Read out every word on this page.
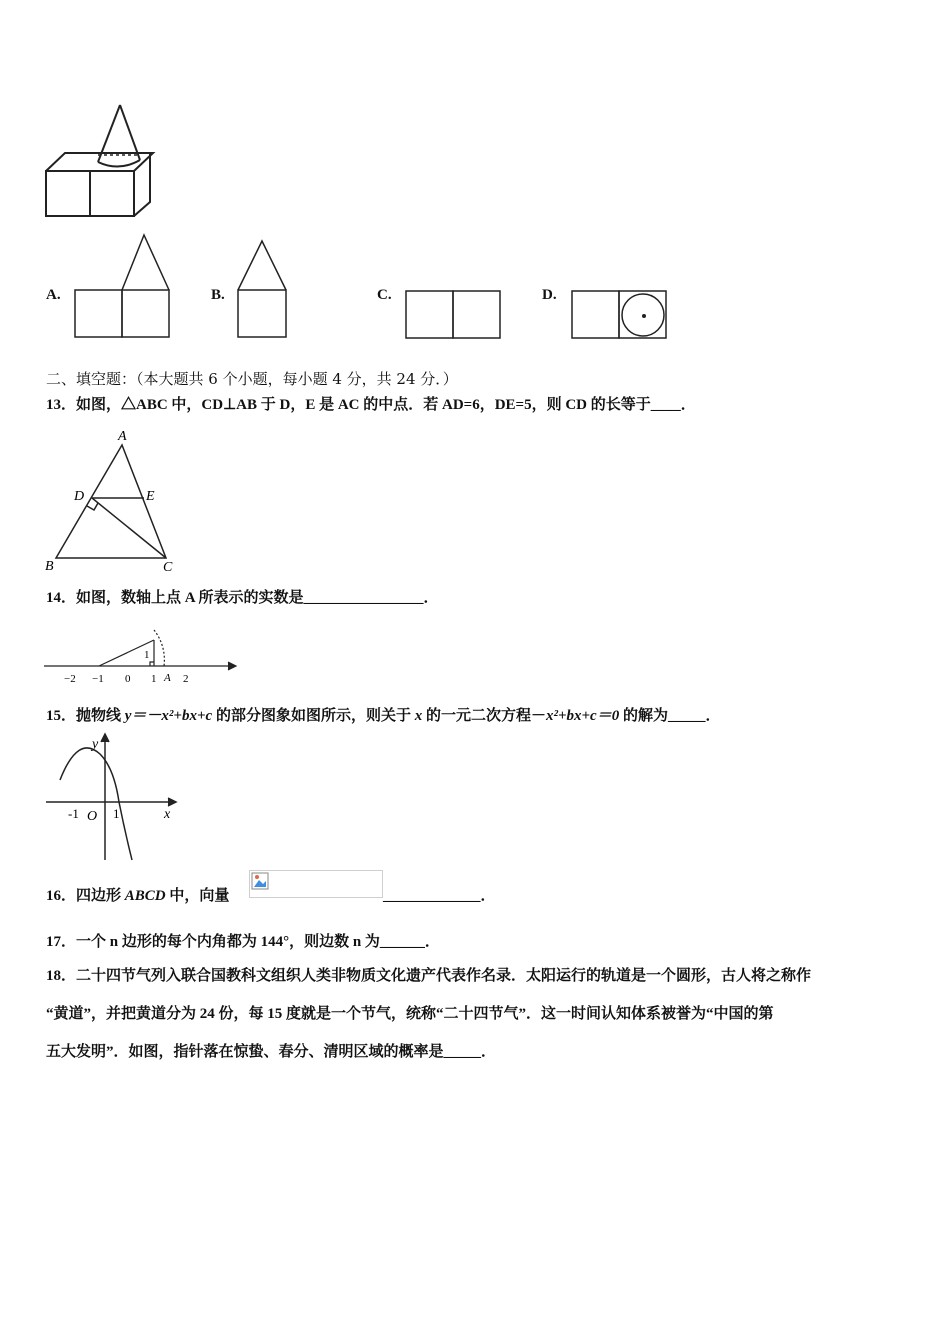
A.	B.	C.	D.
二、填空题：（本大题共 6 个小题，每小题 4 分，共 24 分．）
13．如图，△ABC 中，CD⊥AB 于 D，E 是 AC 的中点．若 AD=6，DE=5，则 CD 的长等于____．
A
D	E
B	C
14．如图，数轴上点 A 所表示的实数是________________．
1
−2 −1 0 1 A 2
15．抛物线 y＝－x²+bx+c 的部分图象如图所示，则关于 x 的一元二次方程－x²+bx+c＝0 的解为_____．
y
x
-1 O 1
16．四边形 ABCD 中，向量	_____________．
17．一个 n 边形的每个内角都为 144°，则边数 n 为______．
18．二十四节气列入联合国教科文组织人类非物质文化遗产代表作名录．太阳运行的轨道是一个圆形，古人将之称作
“黄道”，并把黄道分为 24 份，每 15 度就是一个节气，统称“二十四节气”．这一时间认知体系被誉为“中国的第
五大发明”．如图，指针落在惊蛰、春分、清明区域的概率是_____．
